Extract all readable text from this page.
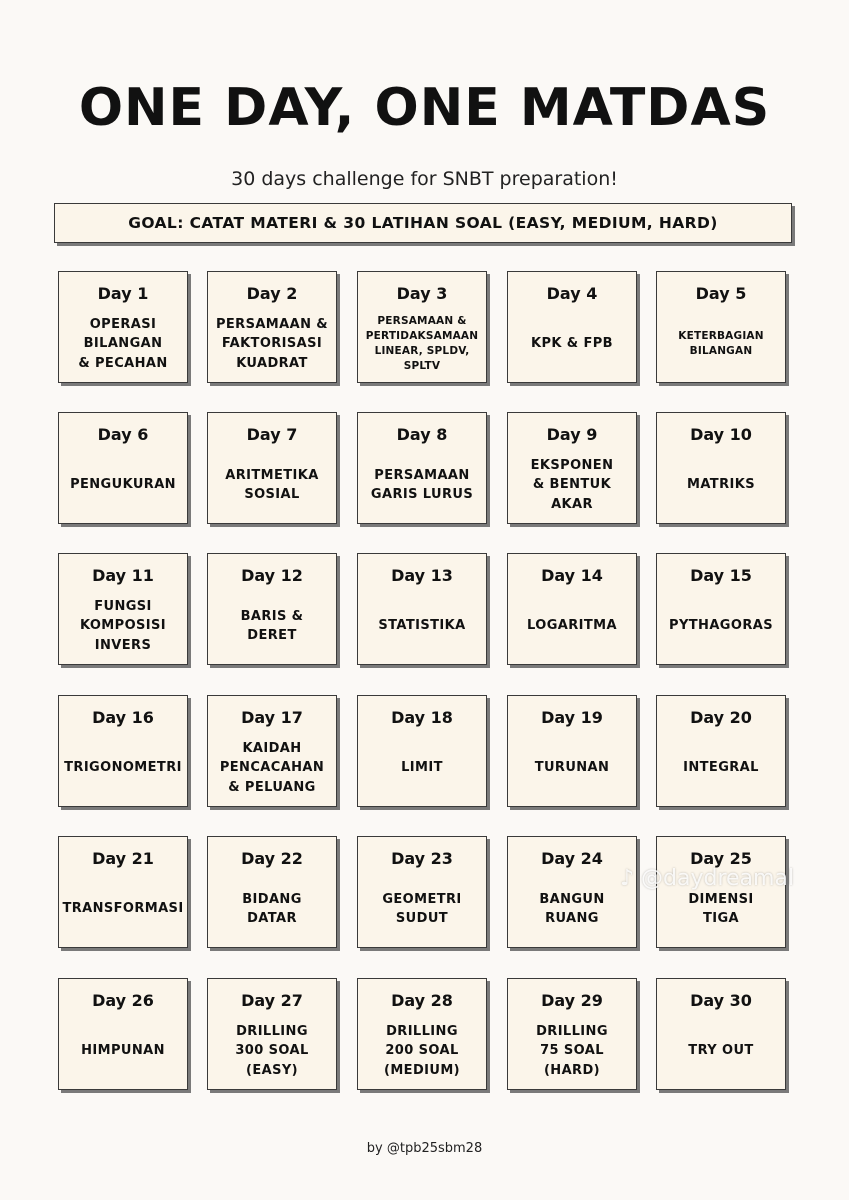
ONE DAY, ONE MATDAS
30 days challenge for SNBT preparation!
GOAL: CATAT MATERI & 30 LATIHAN SOAL (EASY, MEDIUM, HARD)
Day 1
OPERASI
BILANGAN
& PECAHAN
Day 2
PERSAMAAN &
FAKTORISASI
KUADRAT
Day 3
PERSAMAAN &
PERTIDAKSAMAAN
LINEAR, SPLDV,
SPLTV
Day 4
KPK & FPB
Day 5
KETERBAGIAN
BILANGAN
Day 6
PENGUKURAN
Day 7
ARITMETIKA
SOSIAL
Day 8
PERSAMAAN
GARIS LURUS
Day 9
EKSPONEN
& BENTUK
AKAR
Day 10
MATRIKS
Day 11
FUNGSI
KOMPOSISI
INVERS
Day 12
BARIS &
DERET
Day 13
STATISTIKA
Day 14
LOGARITMA
Day 15
PYTHAGORAS
Day 16
TRIGONOMETRI
Day 17
KAIDAH
PENCACAHAN
& PELUANG
Day 18
LIMIT
Day 19
TURUNAN
Day 20
INTEGRAL
Day 21
TRANSFORMASI
Day 22
BIDANG
DATAR
Day 23
GEOMETRI
SUDUT
Day 24
BANGUN
RUANG
Day 25
DIMENSI
TIGA
Day 26
HIMPUNAN
Day 27
DRILLING
300 SOAL
(EASY)
Day 28
DRILLING
200 SOAL
(MEDIUM)
Day 29
DRILLING
75 SOAL
(HARD)
Day 30
TRY OUT
♪ @daydreamal
by @tpb25sbm28
